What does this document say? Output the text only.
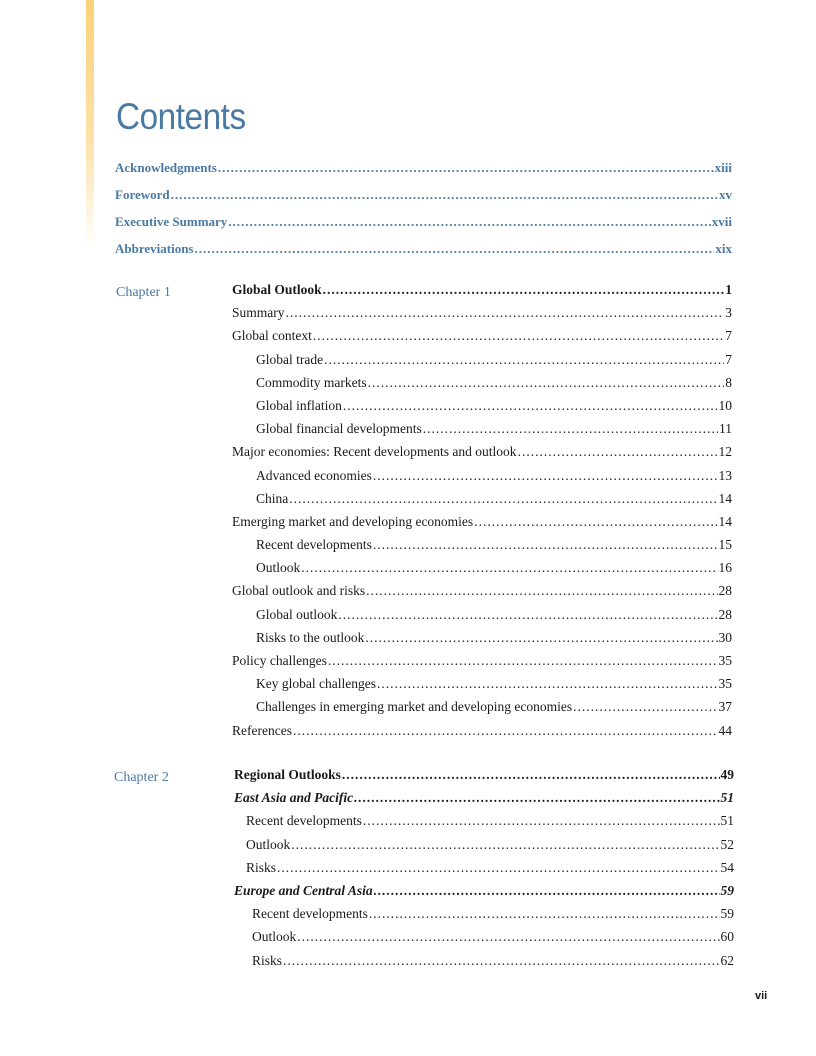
Contents
Acknowledgments .....	xiii
Foreword .....	xv
Executive Summary .....	xvii
Abbreviations .....	xix
Chapter 1	Global Outlook .....	1
Summary .....	3
Global context .....	7
Global trade .....	7
Commodity markets .....	8
Global inflation .....	10
Global financial developments .....	11
Major economies: Recent developments and outlook .....	12
Advanced economies .....	13
China .....	14
Emerging market and developing economies .....	14
Recent developments .....	15
Outlook .....	16
Global outlook and risks .....	28
Global outlook .....	28
Risks to the outlook .....	30
Policy challenges .....	35
Key global challenges .....	35
Challenges in emerging market and developing economies .....	37
References .....	44
Chapter 2	Regional Outlooks .....	49
East Asia and Pacific .....	51
Recent developments .....	51
Outlook .....	52
Risks .....	54
Europe and Central Asia .....	59
Recent developments .....	59
Outlook .....	60
Risks .....	62
vii
